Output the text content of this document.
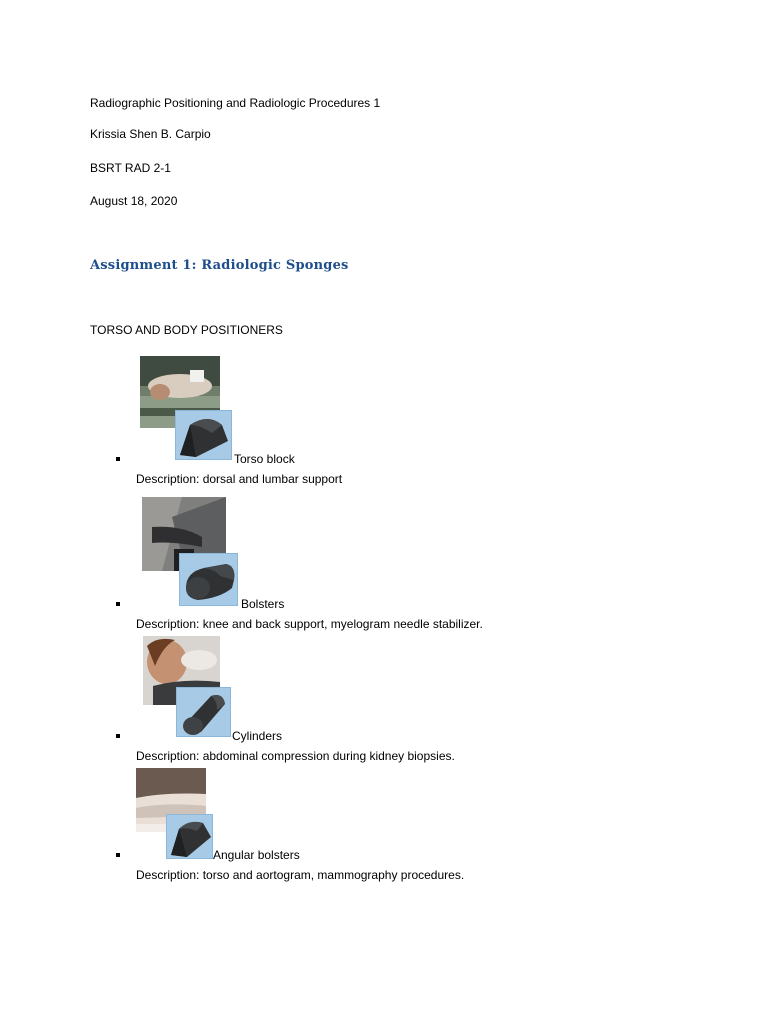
Radiographic Positioning and Radiologic Procedures 1
Krissia Shen B. Carpio
BSRT RAD 2-1
August 18, 2020
Assignment 1: Radiologic Sponges
TORSO AND BODY POSITIONERS
Torso block
Description: dorsal and lumbar support
Bolsters
Description: knee and back support, myelogram needle stabilizer.
Cylinders
Description: abdominal compression during kidney biopsies.
Angular bolsters
Description: torso and aortogram, mammography procedures.
